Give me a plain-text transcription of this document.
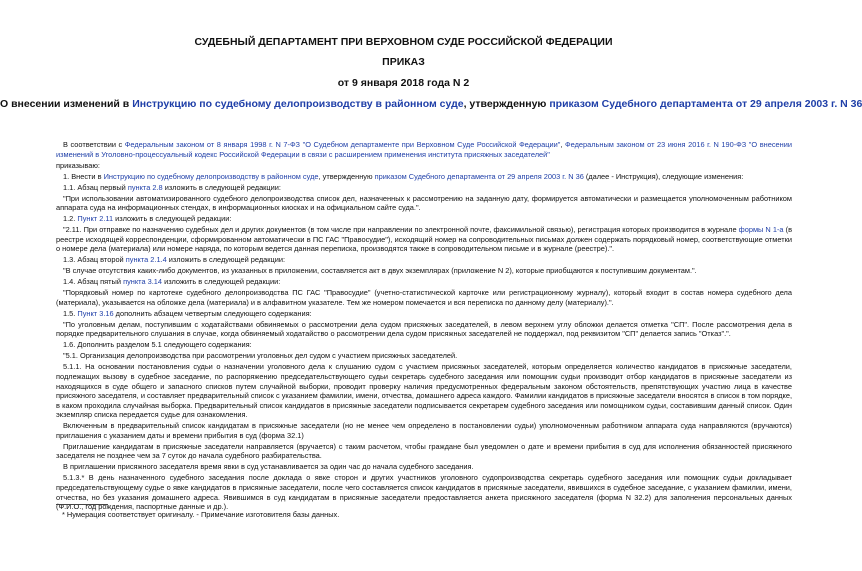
СУДЕБНЫЙ ДЕПАРТАМЕНТ ПРИ ВЕРХОВНОМ СУДЕ РОССИЙСКОЙ ФЕДЕРАЦИИ
ПРИКАЗ
от 9 января 2018 года N 2
О внесении изменений в Инструкцию по судебному делопроизводству в районном суде, утвержденную приказом Судебного департамента от 29 апреля 2003 г. N 36

В соответствии с Федеральным законом от 8 января 1998 г. N 7-ФЗ "О Судебном департаменте при Верховном Суде Российской Федерации", Федеральным законом от 23 июня 2016 г. N 190-ФЗ "О внесении изменений в Уголовно-процессуальный кодекс Российской Федерации в связи с расширением применения института присяжных заседателей"

приказываю:

1. Внести в Инструкцию по судебному делопроизводству в районном суде, утвержденную приказом Судебного департамента от 29 апреля 2003 г. N 36 (далее - Инструкция), следующие изменения:

1.1. Абзац первый пункта 2.8 изложить в следующей редакции:

"При использовании автоматизированного судебного делопроизводства список дел, назначенных к рассмотрению на заданную дату, формируется автоматически и размещается уполномоченным работником аппарата суда на информационных стендах, в информационных киосках и на официальном сайте суда.".

1.2. Пункт 2.11 изложить в следующей редакции:

"2.11. При отправке по назначению судебных дел и других документов (в том числе при направлении по электронной почте, факсимильной связью), регистрация которых производится в журнале формы N 1-а (в реестре исходящей корреспонденции, сформированном автоматически в ПС ГАС "Правосудие"), исходящий номер на сопроводительных письмах должен содержать порядковый номер, соответствующие отметки о номере дела (материала) или номере наряда, по которым ведется данная переписка, производятся также в сопроводительном письме и в журнале (реестре).".

1.3. Абзац второй пункта 2.1.4 изложить в следующей редакции:

"В случае отсутствия каких-либо документов, из указанных в приложении, составляется акт в двух экземплярах (приложение N 2), которые приобщаются к поступившим документам.".

1.4. Абзац пятый пункта 3.14 изложить в следующей редакции:

"Порядковый номер по картотеке судебного делопроизводства ПС ГАС "Правосудие" (учетно-статистической карточке или регистрационному журналу), который входит в состав номера судебного дела (материала), указывается на обложке дела (материала) и в алфавитном указателе. Тем же номером помечается и вся переписка по данному делу (материалу).".

1.5. Пункт 3.16 дополнить абзацем четвертым следующего содержания:

"По уголовным делам, поступившим с ходатайствами обвиняемых о рассмотрении дела судом присяжных заседателей, в левом верхнем углу обложки делается отметка "СП". После рассмотрения дела в порядке предварительного слушания в случае, когда обвиняемый ходатайство о рассмотрении дела судом присяжных заседателей не поддержал, под реквизитом "СП" делается запись "Отказ".".

1.6. Дополнить разделом 5.1 следующего содержания:

"5.1. Организация делопроизводства при рассмотрении уголовных дел судом с участием присяжных заседателей.

5.1.1. На основании постановления судьи о назначении уголовного дела к слушанию судом с участием присяжных заседателей, которым определяется количество кандидатов в присяжные заседатели, подлежащих вызову в судебное заседание, по распоряжению председательствующего судьи секретарь судебного заседания или помощник судьи производит отбор кандидатов в присяжные заседатели из находящихся в суде общего и запасного списков путем случайной выборки, проводит проверку наличия предусмотренных федеральным законом обстоятельств, препятствующих участию лица в качестве присяжного заседателя, и составляет предварительный список с указанием фамилии, имени, отчества, домашнего адреса каждого. Фамилии кандидатов в присяжные заседатели вносятся в список в том порядке, в каком проходила случайная выборка. Предварительный список кандидатов в присяжные заседатели подписывается секретарем судебного заседания или помощником судьи, составившим данный список. Один экземпляр списка передается судье для ознакомления.

Включенным в предварительный список кандидатам в присяжные заседатели (но не менее чем определено в постановлении судьи) уполномоченным работником аппарата суда направляются (вручаются) приглашения с указанием даты и времени прибытия в суд (форма 32.1)

Приглашение кандидатам в присяжные заседатели направляется (вручается) с таким расчетом, чтобы граждане был уведомлен о дате и времени прибытия в суд для исполнения обязанностей присяжного заседателя не позднее чем за 7 суток до начала судебного разбирательства.

В приглашении присяжного заседателя время явки в суд устанавливается за один час до начала судебного заседания.

5.1.3.* В день назначенного судебного заседания после доклада о явке сторон и других участников уголовного судопроизводства секретарь судебного заседания или помощник судьи докладывает председательствующему судье о явке кандидатов в присяжные заседатели, после чего составляется список кандидатов в присяжные заседатели, явившихся в судебное заседание, с указанием фамилии, имени, отчества, но без указания домашнего адреса. Явившимся в суд кандидатам в присяжные заседатели предоставляется анкета присяжного заседателя (форма N 32.2) для заполнения персональных данных (Ф.И.О., год рождения, паспортные данные и др.).

* Нумерация соответствует оригиналу. - Примечание изготовителя базы данных.
